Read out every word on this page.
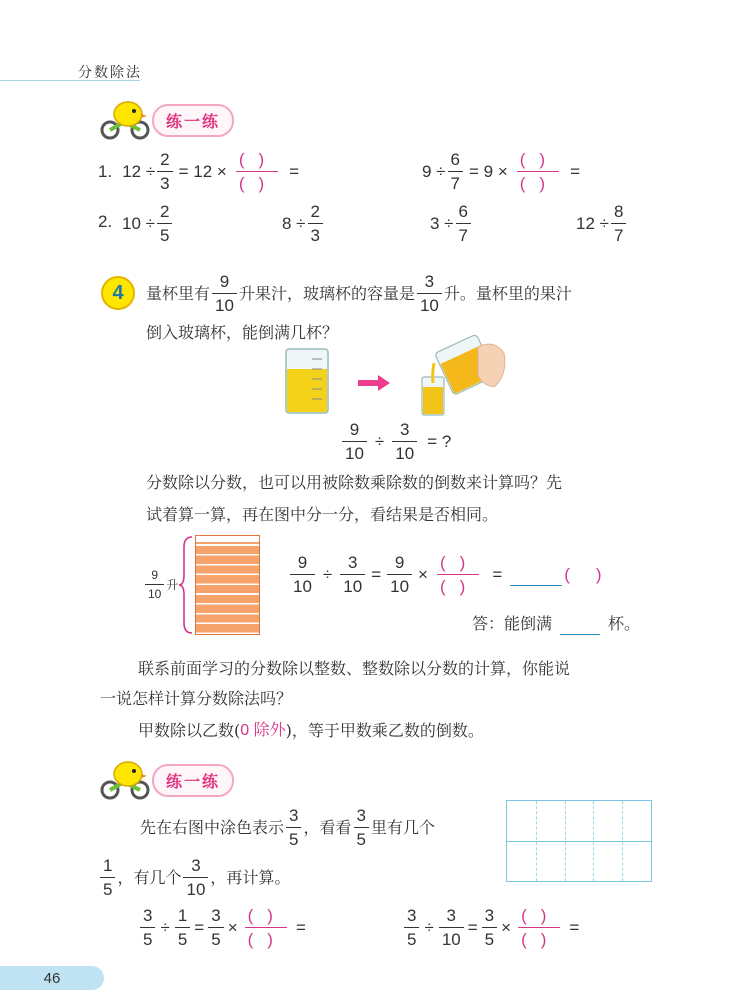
分数除法
练一练
1. $12 \div \frac{2}{3} = 12 \times \frac{()}{()}$ =	$9 \div \frac{6}{7} = 9 \times \frac{()}{()}$ =
2. $10 \div \frac{2}{5}$	$8 \div \frac{2}{3}$	$3 \div \frac{6}{7}$	$12 \div \frac{8}{7}$
4	量杯里有 $\frac{9}{10}$ 升果汁，玻璃杯的容量是 $\frac{3}{10}$ 升。量杯里的果汁
倒入玻璃杯，能倒满几杯？
$\frac{9}{10} \div \frac{3}{10}$ = ?
分数除以分数，也可以用被除数乘除数的倒数来计算吗？先
试着算一算，再在图中分一分，看结果是否相同。
$\frac{9}{10}$ 升	$\frac{9}{10} \div \frac{3}{10} = \frac{9}{10} \times \frac{()}{()}$ =	()
答：能倒满	杯。
联系前面学习的分数除以整数、整数除以分数的计算，你能说
一说怎样计算分数除法吗？
甲数除以乙数( 0 除外 )，等于甲数乘乙数的倒数。
练一练
先在右图中涂色表示 $\frac{3}{5}$ ，看看 $\frac{3}{5}$ 里有几个
$\frac{1}{5}$ ，有几个 $\frac{3}{10}$ ，再计算。
$\frac{3}{5} \div \frac{1}{5} = \frac{3}{5} \times \frac{()}{()}$ =	$\frac{3}{5} \div \frac{3}{10} = \frac{3}{5} \times \frac{()}{()}$ =
46
